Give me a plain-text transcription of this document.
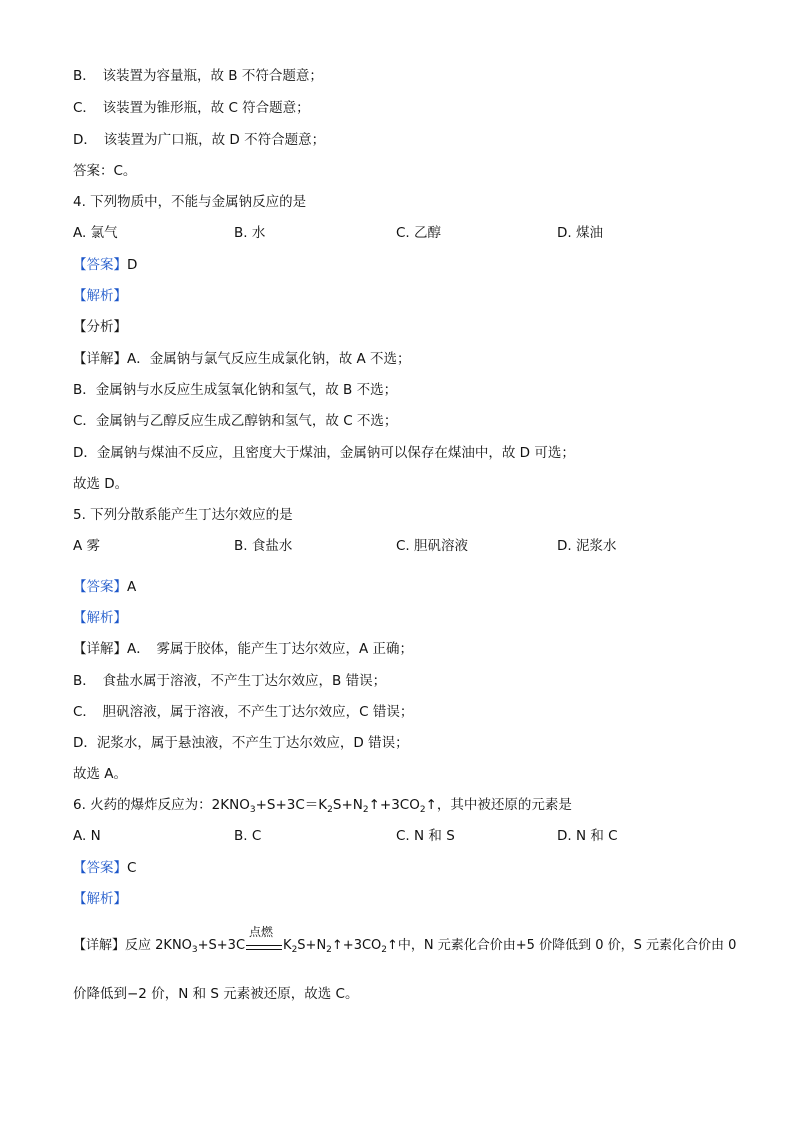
B．　该装置为容量瓶，故 B 不符合题意；
C．　该装置为锥形瓶，故 C 符合题意；
D．　该装置为广口瓶，故 D 不符合题意；
答案：C。
4. 下列物质中，不能与金属钠反应的是
A. 氯气	B. 水	C. 乙醇	D. 煤油
【答案】D
【解析】
【分析】
【详解】A．金属钠与氯气反应生成氯化钠，故 A 不选；
B．金属钠与水反应生成氢氧化钠和氢气，故 B 不选；
C．金属钠与乙醇反应生成乙醇钠和氢气，故 C 不选；
D．金属钠与煤油不反应，且密度大于煤油，金属钠可以保存在煤油中，故 D 可选；
故选 D。
5. 下列分散系能产生丁达尔效应的是
A 雾	B. 食盐水	C. 胆矾溶液	D. 泥浆水
【答案】A
【解析】
【详解】A．　雾属于胶体，能产生丁达尔效应，A 正确；
B．　食盐水属于溶液，不产生丁达尔效应，B 错误；
C．　胆矾溶液，属于溶液，不产生丁达尔效应，C 错误；
D．泥浆水，属于悬浊液，不产生丁达尔效应，D 错误；
故选 A。
6. 火药的爆炸反应为：$2KNO_3+S+3C=K_2S+N_2↑+3CO_2↑$，其中被还原的元素是
A. N	B. C	C. N 和 S	D. N 和 C
【答案】C
【解析】
【详解】反应 $2KNO_3+S+3C$
点燃
$K_2S+N_2↑+3CO_2↑$中，N 元素化合价由+5 价降低到 0 价，S 元素化合价由 0
价降低到−2 价，N 和 S 元素被还原，故选 C。
